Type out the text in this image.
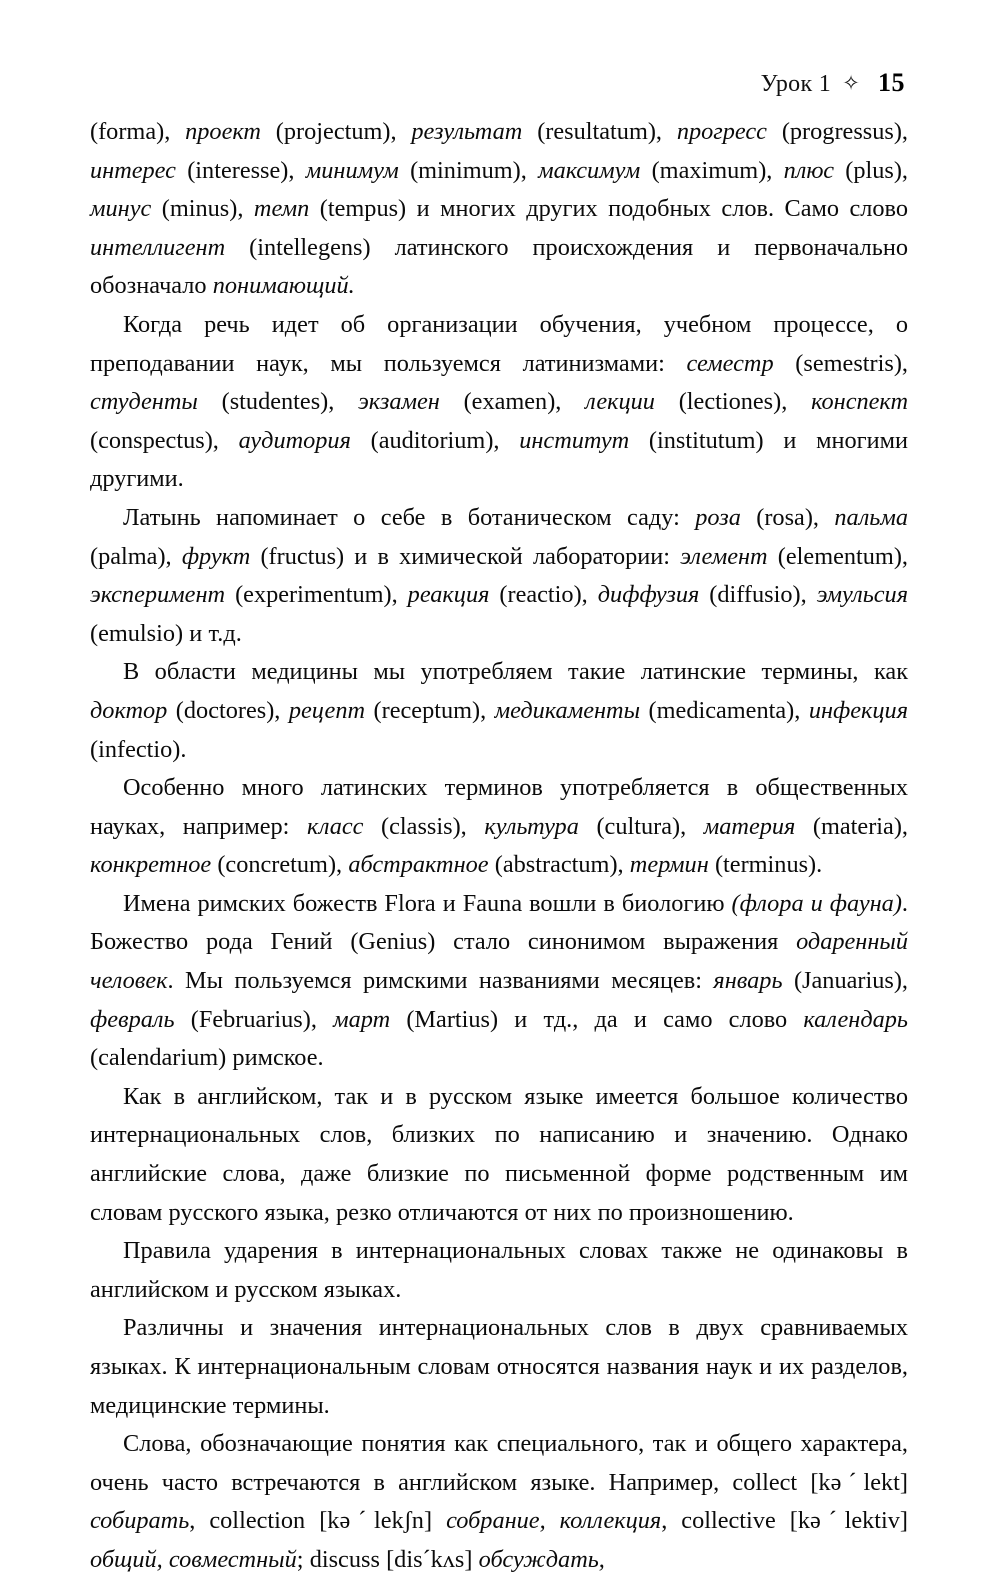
Урок 1 ✧ 15

(forma), проект (projectum), результат (resultatum), прогресс (progressus), интерес (interesse), минимум (minimum), максимум (maximum), плюс (plus), минус (minus), темп (tempus) и многих других подобных слов. Само слово интеллигент (intellegens) латинского происхождения и первоначально обозначало понимающий.

Когда речь идет об организации обучения, учебном процессе, о преподавании наук, мы пользуемся латинизмами: семестр (semestris), студенты (studentes), экзамен (examen), лекции (lectiones), конспект (conspectus), аудитория (auditorium), институт (institutum) и многими другими.

Латынь напоминает о себе в ботаническом саду: роза (rosa), пальма (palma), фрукт (fructus) и в химической лаборатории: элемент (elementum), эксперимент (experimentum), реакция (reactio), диффузия (diffusio), эмульсия (emulsio) и т.д.

В области медицины мы употребляем такие латинские термины, как доктор (doctores), рецепт (receptum), медикаменты (medicamenta), инфекция (infectio).

Особенно много латинских терминов употребляется в общественных науках, например: класс (classis), культура (cultura), материя (materia), конкретное (concretum), абстрактное (abstractum), термин (terminus).

Имена римских божеств Flora и Fauna вошли в биологию (флора и фауна). Божество рода Гений (Genius) стало синонимом выражения одаренный человек. Мы пользуемся римскими названиями месяцев: январь (Januarius), февраль (Februarius), март (Martius) и тд., да и само слово календарь (calendarium) римское.

Как в английском, так и в русском языке имеется большое количество интернациональных слов, близких по написанию и значению. Однако английские слова, даже близкие по письменной форме родственным им словам русского языка, резко отличаются от них по произношению.

Правила ударения в интернациональных словах также не одинаковы в английском и русском языках.

Различны и значения интернациональных слов в двух сравниваемых языках. К интернациональным словам относятся названия наук и их разделов, медицинские термины.

Слова, обозначающие понятия как специального, так и общего характера, очень часто встречаются в английском языке. Например, collect [kəˊlekt] собирать, collection [kəˊlekʃn] собрание, коллекция, collective [kəˊlektiv] общий, совместный; discuss [disˊkʌs] обсуждать,
